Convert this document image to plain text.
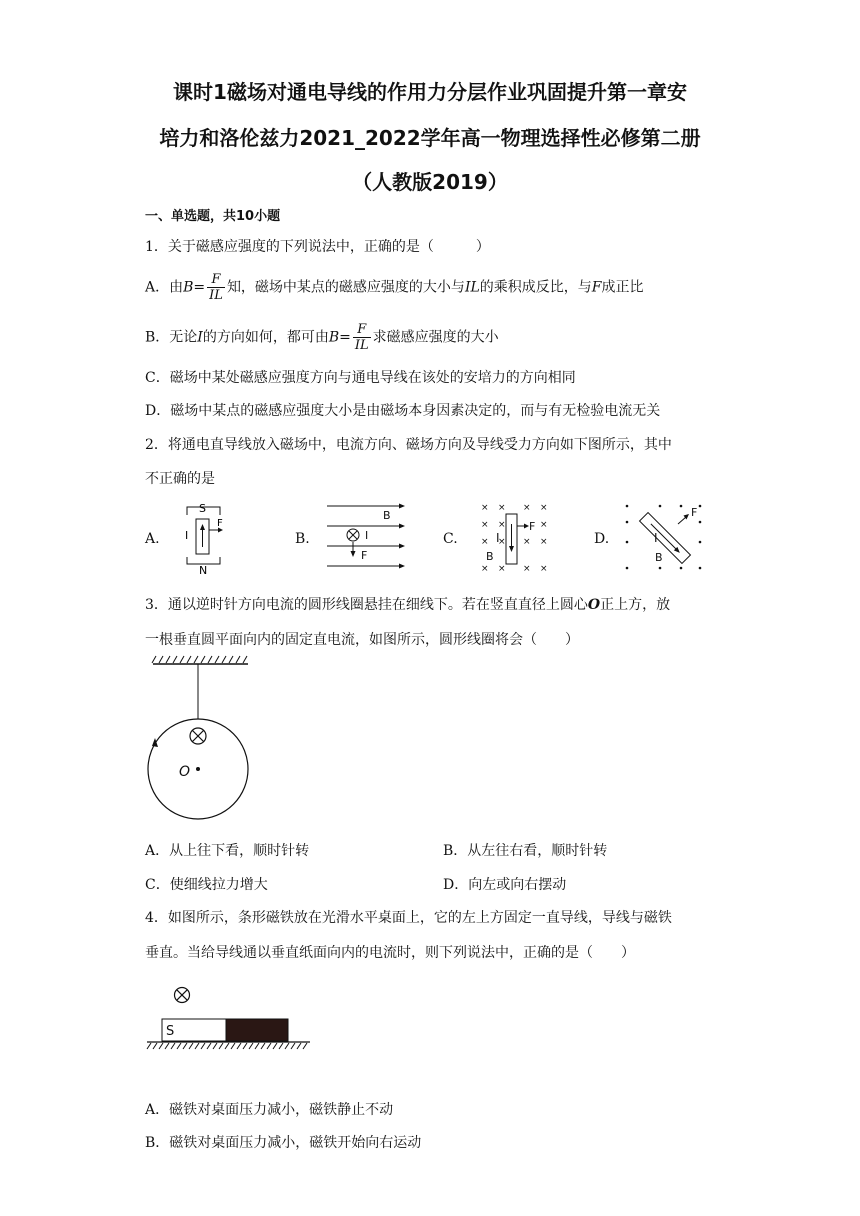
课时1磁场对通电导线的作用力分层作业巩固提升第一章安
培力和洛伦兹力2021_2022学年高一物理选择性必修第二册
（人教版2019）
一、单选题，共10小题
1．关于磁感应强度的下列说法中，正确的是（　　　）
A．由$B= \frac{F}{IL}$ 知，磁场中某点的磁感应强度的大小与IL的乘积成反比，与F成正比
B．无论I的方向如何，都可由$B= \frac{F}{IL}$ 求磁感应强度的大小
C．磁场中某处磁感应强度方向与通电导线在该处的安培力的方向相同
D．磁场中某点的磁感应强度大小是由磁场本身因素决定的，而与有无检验电流无关
2．将通电直导线放入磁场中，电流方向、磁场方向及导线受力方向如下图所示，其中
不正确的是
A.	B.	C.	D.
S
I
F
N
B
I
F
× × × ×
× ×	×
× × × ×
× × × ×
I
F
B
F
I
B
3．通以逆时针方向电流的圆形线圈悬挂在细线下。若在竖直直径上圆心O正上方，放
一根垂直圆平面向内的固定直电流，如图所示，圆形线圈将会（　　）
O
A．从上往下看，顺时针转	B．从左往右看，顺时针转
C．使细线拉力增大	D．向左或向右摆动
4．如图所示，条形磁铁放在光滑水平桌面上，它的左上方固定一直导线，导线与磁铁
垂直。当给导线通以垂直纸面向内的电流时，则下列说法中，正确的是（　　）
S
A．磁铁对桌面压力减小，磁铁静止不动
B．磁铁对桌面压力减小，磁铁开始向右运动
